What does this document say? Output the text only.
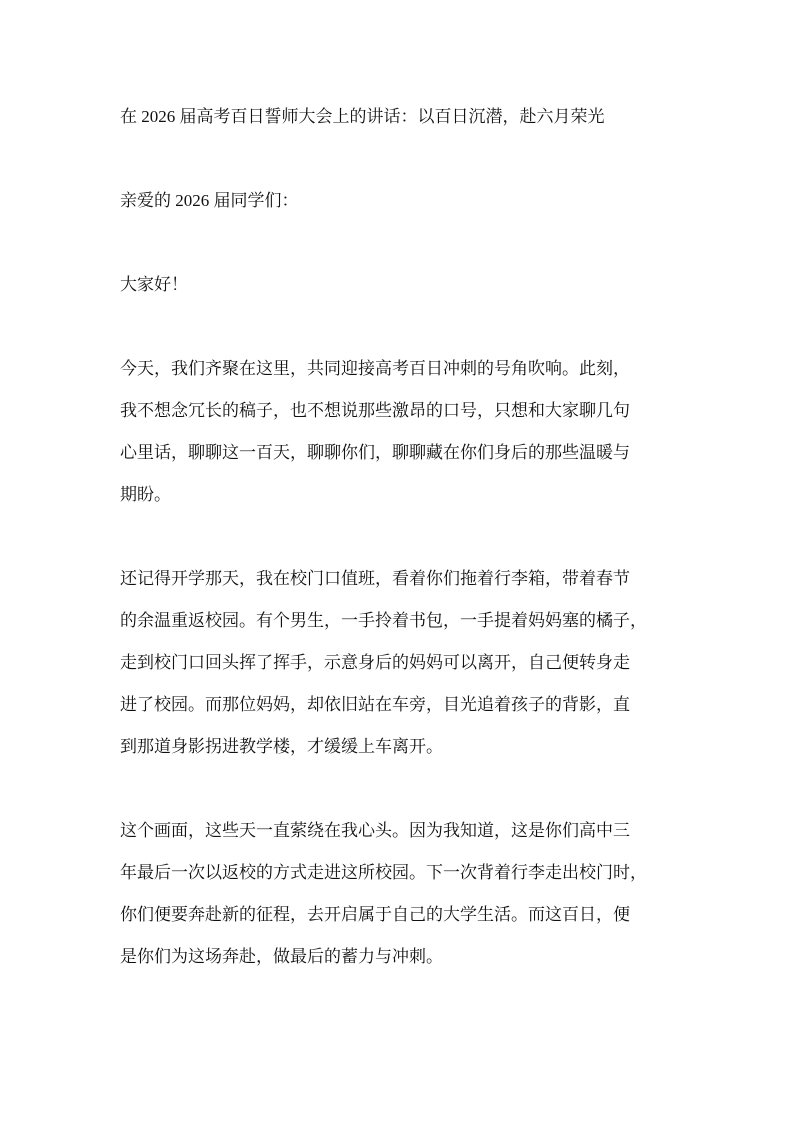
在 2026 届高考百日誓师大会上的讲话：以百日沉潜，赴六月荣光
亲爱的 2026 届同学们：
大家好！
今天，我们齐聚在这里，共同迎接高考百日冲刺的号角吹响。此刻，
我不想念冗长的稿子，也不想说那些激昂的口号，只想和大家聊几句
心里话，聊聊这一百天，聊聊你们，聊聊藏在你们身后的那些温暖与
期盼。
还记得开学那天，我在校门口值班，看着你们拖着行李箱，带着春节
的余温重返校园。有个男生，一手拎着书包，一手提着妈妈塞的橘子，
走到校门口回头挥了挥手，示意身后的妈妈可以离开，自己便转身走
进了校园。而那位妈妈，却依旧站在车旁，目光追着孩子的背影，直
到那道身影拐进教学楼，才缓缓上车离开。
这个画面，这些天一直萦绕在我心头。因为我知道，这是你们高中三
年最后一次以返校的方式走进这所校园。下一次背着行李走出校门时，
你们便要奔赴新的征程，去开启属于自己的大学生活。而这百日，便
是你们为这场奔赴，做最后的蓄力与冲刺。
